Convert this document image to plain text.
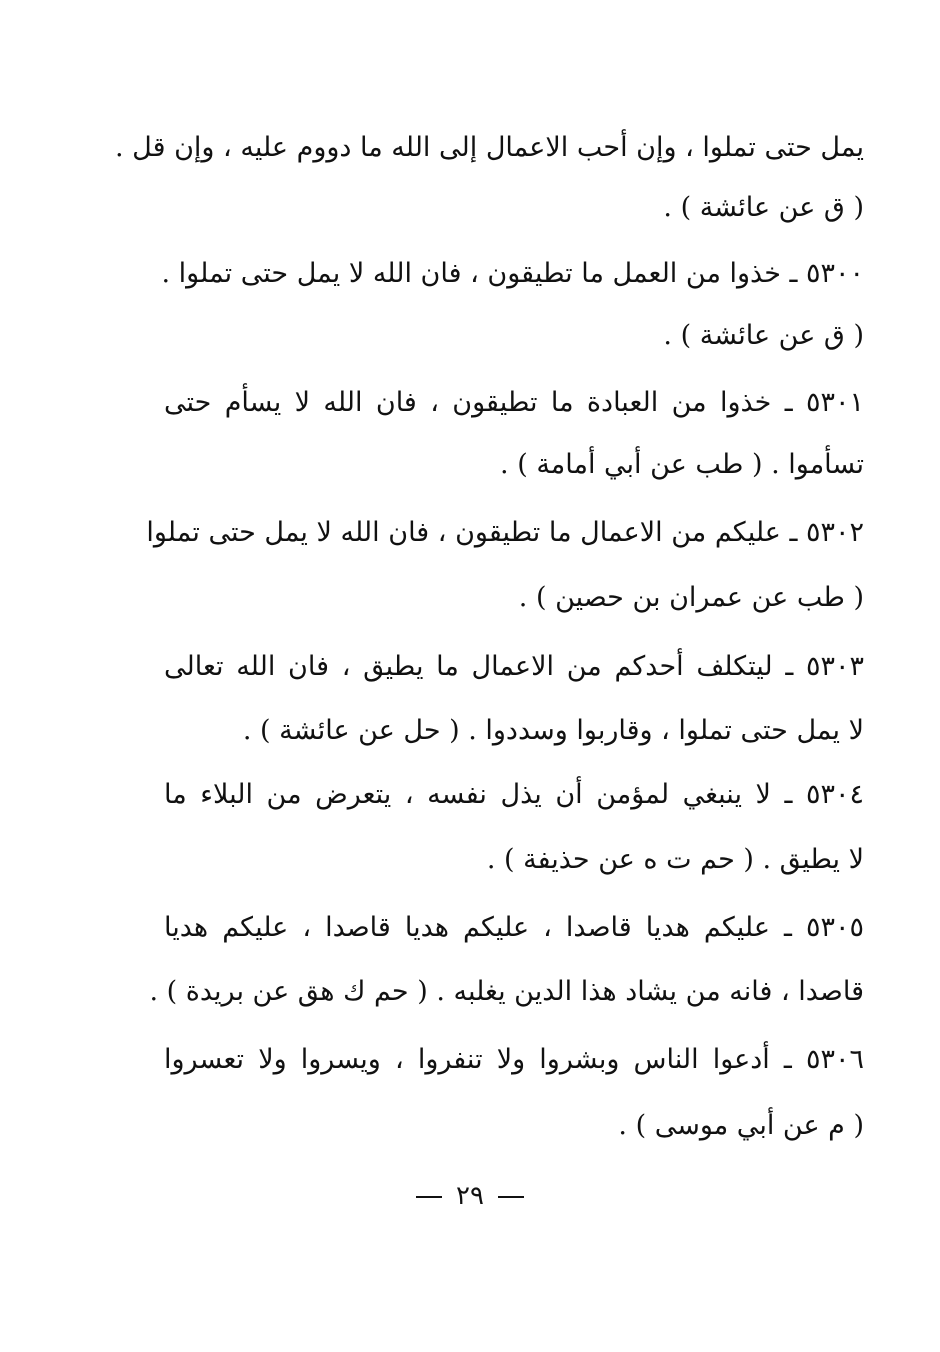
يمل حتى تملوا ، وإن أحب الاعمال إلى الله ما دووم عليه ، وإن قل .
( ق عن عائشة ) .
٥٣٠٠ ـ خذوا من العمل ما تطيقون ، فان الله لا يمل حتى تملوا .
( ق عن عائشة ) .
٥٣٠١ ـ خذوا من العبادة ما تطيقون ، فان الله لا يسأم حتى
تسأموا . ( طب عن أبي أمامة ) .
٥٣٠٢ ـ عليكم من الاعمال ما تطيقون ، فان الله لا يمل حتى تملوا
( طب عن عمران بن حصين ) .
٥٣٠٣ ـ ليتكلف أحدكم من الاعمال ما يطيق ، فان الله تعالى
لا يمل حتى تملوا ، وقاربوا وسددوا . ( حل عن عائشة ) .
٥٣٠٤ ـ لا ينبغي لمؤمن أن يذل نفسه ، يتعرض من البلاء ما
لا يطيق . ( حم ت ه عن حذيفة ) .
٥٣٠٥ ـ عليكم هديا قاصدا ، عليكم هديا قاصدا ، عليكم هديا
قاصدا ، فانه من يشاد هذا الدين يغلبه . ( حم ك هق عن بريدة ) .
٥٣٠٦ ـ أدعوا الناس وبشروا ولا تنفروا ، ويسروا ولا تعسروا
( م عن أبي موسى ) .
٢٩
